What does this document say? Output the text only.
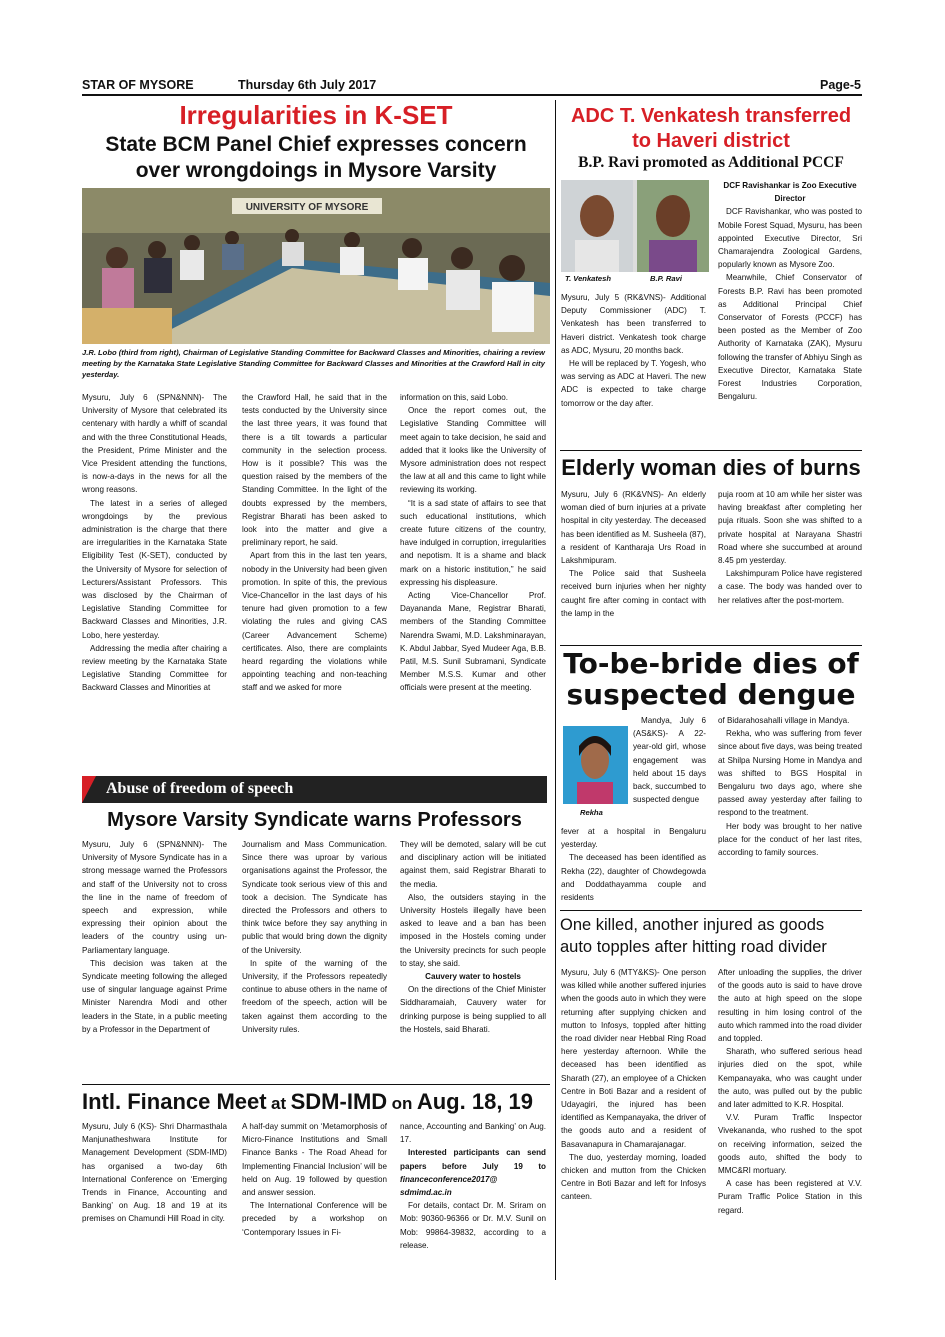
STAR OF MYSORE	Thursday 6th July 2017	Page-5
Irregularities in K-SET
State BCM Panel Chief expresses concern
over wrongdoings in Mysore Varsity
UNIVERSITY OF MYSORE
J.R. Lobo (third from right), Chairman of Legislative Standing Committee for Backward Classes and Minorities, chairing a review meeting by the Karnataka State Legislative Standing Committee for Backward Classes and Minorities at the Crawford Hall in city yesterday.

Mysuru, July 6 (SPN&NNN)- The University of Mysore that celebrated its centenary with hardly a whiff of scandal and with the three Constitutional Heads, the President, Prime Minister and the Vice President attending the functions, is now-a-days in the news for all the wrong reasons.

The latest in a series of alleged wrongdoings by the previous administration is the charge that there are irregularities in the Karnataka State Eligibility Test (K-SET), conducted by the University of Mysore for selection of Lecturers/Assistant Professors. This was disclosed by the Chairman of Legislative Standing Committee for Backward Classes and Minorities, J.R. Lobo, here yesterday.

Addressing the media after chairing a review meeting by the Karnataka State Legislative Standing Committee for Backward Classes and Minorities at

the Crawford Hall, he said that in the tests conducted by the University since the last three years, it was found that there is a tilt towards a particular community in the selection process. How is it possible? This was the question raised by the members of the Standing Committee. In the light of the doubts expressed by the members, Registrar Bharati has been asked to look into the matter and give a preliminary report, he said.

Apart from this in the last ten years, nobody in the University had been given promotion. In spite of this, the previous Vice-Chancellor in the last days of his tenure had given promotion to a few violating the rules and giving CAS (Career Advancement Scheme) certificates. Also, there are complaints heard regarding the violations while appointing teaching and non-teaching staff and we asked for more

information on this, said Lobo.

Once the report comes out, the Legislative Standing Committee will meet again to take decision, he said and added that it looks like the University of Mysore administration does not respect the law at all and this came to light while reviewing its working.

“It is a sad state of affairs to see that such educational institutions, which create future citizens of the country, have indulged in corruption, irregularities and nepotism. It is a shame and black mark on a historic institution,” he said expressing his displeasure.

Acting Vice-Chancellor Prof. Dayananda Mane, Registrar Bharati, members of the Standing Committee Narendra Swami, M.D. Lakshminarayan, K. Abdul Jabbar, Syed Mudeer Aga, B.B. Patil, M.S. Sunil Subramani, Syndicate Member M.S.S. Kumar and other officials were present at the meeting.

ADC T. Venkatesh transferred
to Haveri district
B.P. Ravi promoted as Additional PCCF
T. Venkatesh	B.P. Ravi

Mysuru, July 5 (RK&VNS)- Additional Deputy Commissioner (ADC) T. Venkatesh has been transferred to Haveri district. Venkatesh took charge as ADC, Mysuru, 20 months back.

He will be replaced by T. Yogesh, who was serving as ADC at Haveri. The new ADC is expected to take charge tomorrow or the day after.

DCF Ravishankar is Zoo Executive Director

DCF Ravishankar, who was posted to Mobile Forest Squad, Mysuru, has been appointed Executive Director, Sri Chamarajendra Zoological Gardens, popularly known as Mysore Zoo.

Meanwhile, Chief Conservator of Forests B.P. Ravi has been promoted as Additional Principal Chief Conservator of Forests (PCCF) has been posted as the Member of Zoo Authority of Karnataka (ZAK), Mysuru following the transfer of Abhiyu Singh as Executive Director, Karnataka State Forest Industries Corporation, Bengaluru.

Elderly woman dies of burns

Mysuru, July 6 (RK&VNS)- An elderly woman died of burn injuries at a private hospital in city yesterday. The deceased has been identified as M. Susheela (87), a resident of Kantharaja Urs Road in Lakshmipuram.

The Police said that Susheela received burn injuries when her nighty caught fire after coming in contact with the lamp in the

puja room at 10 am while her sister was having breakfast after completing her puja rituals. Soon she was shifted to a private hospital at Narayana Shastri Road where she succumbed at around 8.45 pm yesterday.

Lakshimpuram Police have registered a case. The body was handed over to her relatives after the post-mortem.

To-be-bride dies of
suspected dengue
Rekha
Mandya, July 6 (AS&KS)- A 22-year-old girl, whose engagement was held about 15 days back, succumbed to suspected dengue

fever at a hospital in Bengaluru yesterday.

The deceased has been identified as Rekha (22), daughter of Chowdegowda and Doddathayamma couple and residents

of Bidarahosahalli village in Mandya.

Rekha, who was suffering from fever since about five days, was being treated at Shilpa Nursing Home in Mandya and was shifted to BGS Hospital in Bengaluru two days ago, where she passed away yesterday after failing to respond to the treatment.

Her body was brought to her native place for the conduct of her last rites, according to family sources.

One killed, another injured as goods
auto topples after hitting road divider

Mysuru, July 6 (MTY&KS)- One person was killed while another suffered injuries when the goods auto in which they were returning after supplying chicken and mutton to Infosys, toppled after hitting the road divider near Hebbal Ring Road here yesterday afternoon. While the deceased has been identified as Sharath (27), an employee of a Chicken Centre in Boti Bazar and a resident of Udayagiri, the injured has been identified as Kempanayaka, the driver of the goods auto and a resident of Basavanapura in Chamarajanagar.

The duo, yesterday morning, loaded chicken and mutton from the Chicken Centre in Boti Bazar and left for Infosys canteen.

After unloading the supplies, the driver of the goods auto is said to have drove the auto at high speed on the slope resulting in him losing control of the auto which rammed into the road divider and toppled.

Sharath, who suffered serious head injuries died on the spot, while Kempanayaka, who was caught under the auto, was pulled out by the public and later admitted to K.R. Hospital.

V.V. Puram Traffic Inspector Vivekananda, who rushed to the spot on receiving information, seized the goods auto, shifted the body to MMC&RI mortuary.

A case has been registered at V.V. Puram Traffic Police Station in this regard.

Abuse of freedom of speech
Mysore Varsity Syndicate warns Professors

Mysuru, July 6 (SPN&NNN)- The University of Mysore Syndicate has in a strong message warned the Professors and staff of the University not to cross the line in the name of freedom of speech and expression, while expressing their opinion about the leaders of the country using un-Parliamentary language.

This decision was taken at the Syndicate meeting following the alleged use of singular language against Prime Minister Narendra Modi and other leaders in the State, in a public meeting by a Professor in the Department of

Journalism and Mass Communication. Since there was uproar by various organisations against the Professor, the Syndicate took serious view of this and took a decision. The Syndicate has directed the Professors and others to think twice before they say anything in public that would bring down the dignity of the University.

In spite of the warning of the University, if the Professors repeatedly continue to abuse others in the name of freedom of the speech, action will be taken against them according to the University rules.

They will be demoted, salary will be cut and disciplinary action will be initiated against them, said Registrar Bharati to the media.

Also, the outsiders staying in the University Hostels illegally have been asked to leave and a ban has been imposed in the Hostels coming under the University precincts for such people to stay, she said.

Cauvery water to hostels

On the directions of the Chief Minister Siddharamaiah, Cauvery water for drinking purpose is being supplied to all the Hostels, said Bharati.

Intl. Finance Meet at SDM-IMD on Aug. 18, 19

Mysuru, July 6 (KS)- Shri Dharmasthala Manjunatheshwara Institute for Management Development (SDM-IMD) has organised a two-day 6th International Conference on ‘Emerging Trends in Finance, Accounting and Banking’ on Aug. 18 and 19 at its premises on Chamundi Hill Road in city.

A half-day summit on ‘Metamorphosis of Micro-Finance Institutions and Small Finance Banks - The Road Ahead for Implementing Financial Inclusion’ will be held on Aug. 19 followed by question and answer session.

The International Conference will be preceded by a workshop on ‘Contemporary Issues in Fi-

nance, Accounting and Banking’ on Aug. 17.

Interested participants can send papers before July 19 to financeconference2017@ sdmimd.ac.in

For details, contact Dr. M. Sriram on Mob: 90360-96366 or Dr. M.V. Sunil on Mob: 99864-39832, according to a release.
